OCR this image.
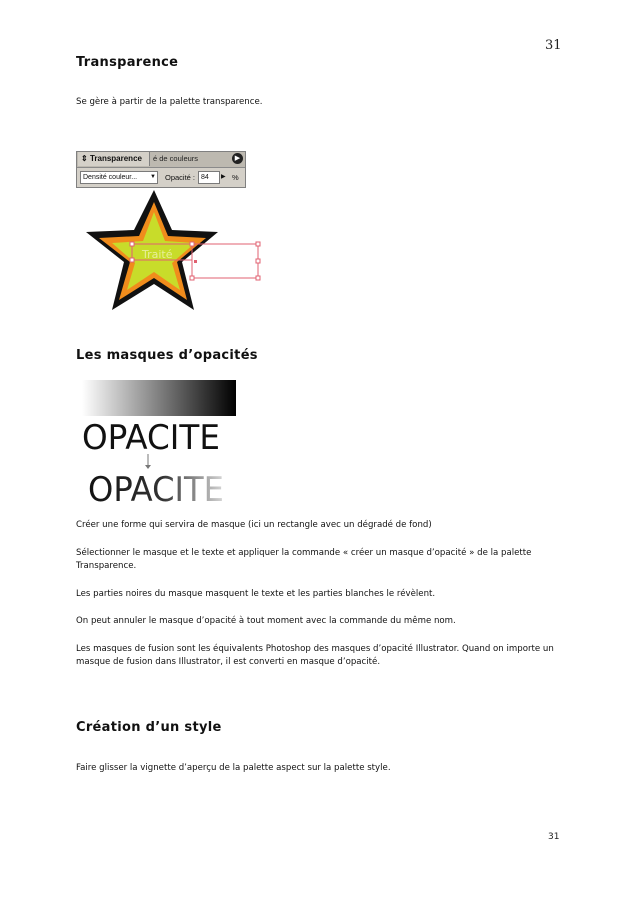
31
Transparence

Se gère à partir de la palette transparence.

⇕ Transparence	é de couleurs	▶
Densité couleur... ▼ Opacité : 84	▶ %
Traité
Les masques d’opacités
OPACITE
OPACITE

Créer une forme qui servira de masque (ici un rectangle avec un dégradé de fond)

Sélectionner le masque et le texte et appliquer la commande « créer un masque d’opacité » de la palette Transparence.

Les parties noires du masque masquent le texte et les parties blanches le révèlent.

On peut annuler le masque d’opacité à tout moment avec la commande du même nom.

Les masques de fusion sont les équivalents Photoshop des masques d’opacité Illustrator. Quand on importe un masque de fusion dans Illustrator, il est converti en masque d’opacité.

Création d’un style

Faire glisser la vignette d’aperçu de la palette aspect sur la palette style.

31
